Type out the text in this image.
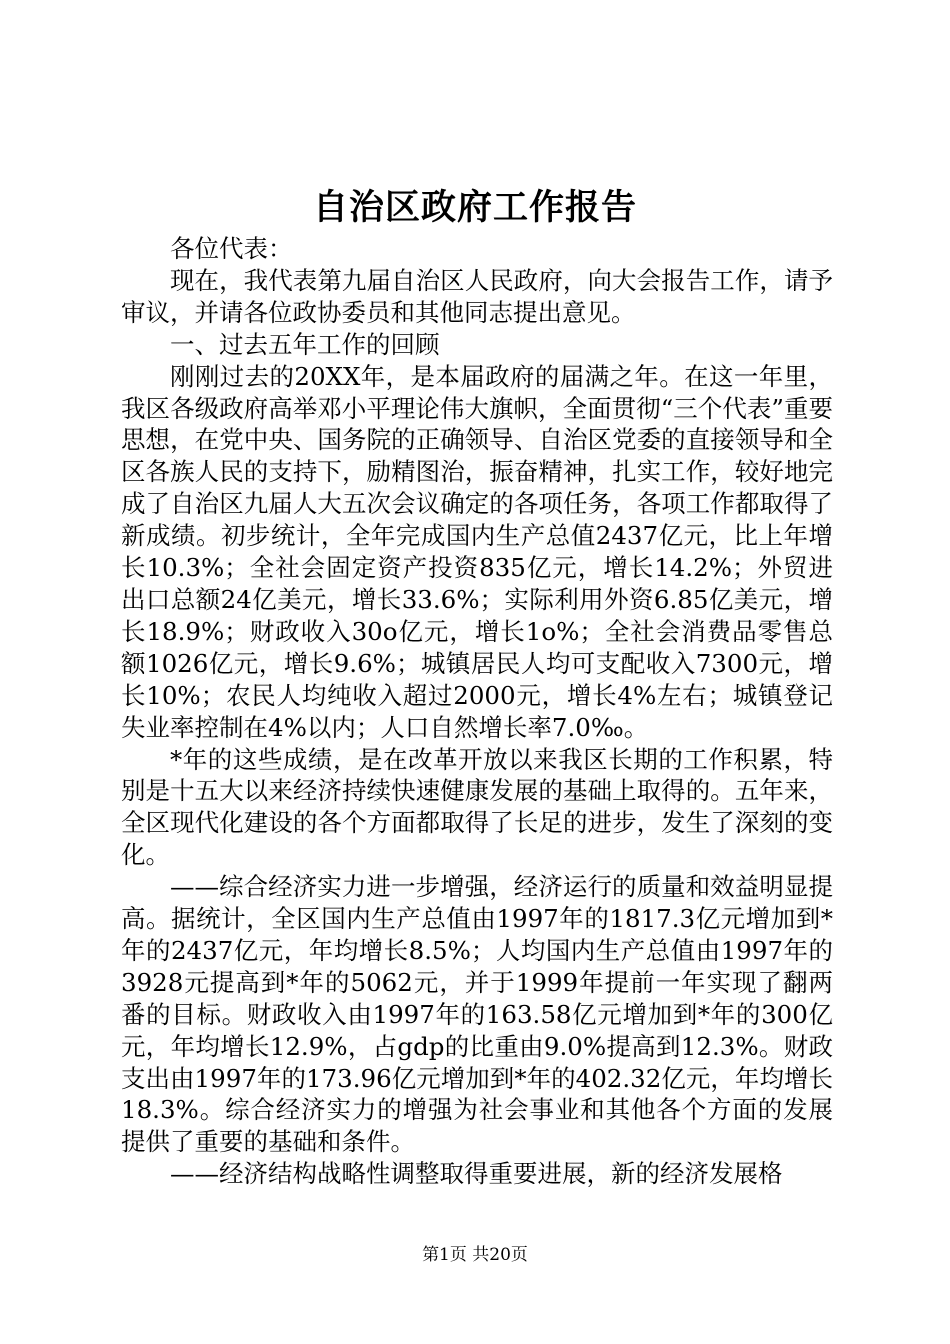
自治区政府工作报告

各位代表：

现在，我代表第九届自治区人民政府，向大会报告工作，请予审议，并请各位政协委员和其他同志提出意见。

一、过去五年工作的回顾

刚刚过去的20XX年，是本届政府的届满之年。在这一年里，我区各级政府高举邓小平理论伟大旗帜，全面贯彻“三个代表”重要思想，在党中央、国务院的正确领导、自治区党委的直接领导和全区各族人民的支持下，励精图治，振奋精神，扎实工作，较好地完成了自治区九届人大五次会议确定的各项任务，各项工作都取得了新成绩。初步统计，全年完成国内生产总值2437亿元，比上年增长10.3%；全社会固定资产投资835亿元，增长14.2%；外贸进出口总额24亿美元，增长33.6%；实际利用外资6.85亿美元，增长18.9%；财政收入30o亿元，增长1o%；全社会消费品零售总额1026亿元，增长9.6%；城镇居民人均可支配收入7300元，增长10%；农民人均纯收入超过2000元，增长4%左右；城镇登记失业率控制在4%以内；人口自然增长率7.0‰。

*年的这些成绩，是在改革开放以来我区长期的工作积累，特别是十五大以来经济持续快速健康发展的基础上取得的。五年来，全区现代化建设的各个方面都取得了长足的进步，发生了深刻的变化。

——综合经济实力进一步增强，经济运行的质量和效益明显提高。据统计，全区国内生产总值由1997年的1817.3亿元增加到*年的2437亿元，年均增长8.5%；人均国内生产总值由1997年的3928元提高到*年的5062元，并于1999年提前一年实现了翻两番的目标。财政收入由1997年的163.58亿元增加到*年的300亿元，年均增长12.9%，占gdp的比重由9.0%提高到12.3%。财政支出由1997年的173.96亿元增加到*年的402.32亿元，年均增长18.3%。综合经济实力的增强为社会事业和其他各个方面的发展提供了重要的基础和条件。

——经济结构战略性调整取得重要进展，新的经济发展格

第1页 共20页
